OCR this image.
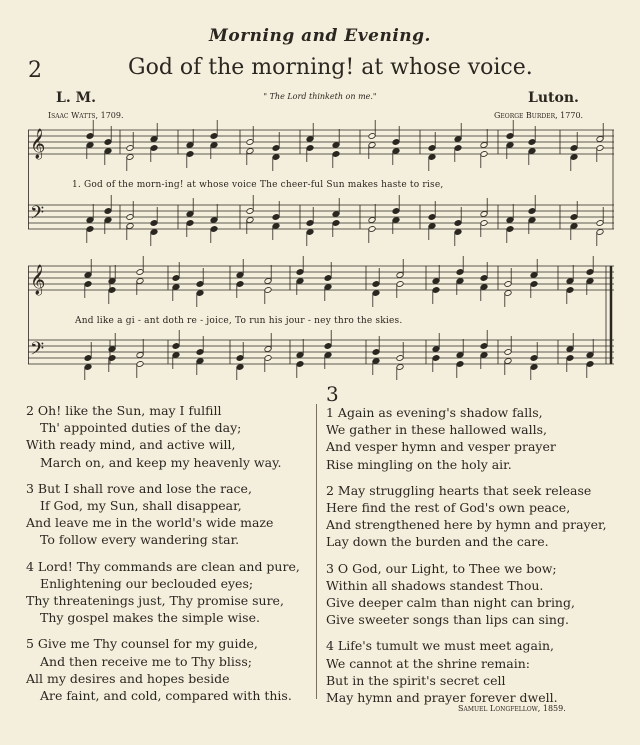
Morning and Evening.
2	God of the morning! at whose voice.
L. M.	" The Lord thinketh on me."	Luton.
Isaac Watts, 1709.	George Burder, 1770.
𝄞
𝄢
𝄞
𝄢
1. God of the morn-ing! at whose voice The cheer-ful Sun makes haste to rise,
And like a gi - ant doth re - joice, To run his jour - ney thro the skies.
2 Oh! like the Sun, may I fulfill
Th' appointed duties of the day;
With ready mind, and active will,
March on, and keep my heavenly way.
3 But I shall rove and lose the race,
If God, my Sun, shall disappear,
And leave me in the world's wide maze
To follow every wandering star.
4 Lord! Thy commands are clean and pure,
Enlightening our beclouded eyes;
Thy threatenings just, Thy promise sure,
Thy gospel makes the simple wise.
5 Give me Thy counsel for my guide,
And then receive me to Thy bliss;
All my desires and hopes beside
Are faint, and cold, compared with this.
3
1 Again as evening's shadow falls,
We gather in these hallowed walls,
And vesper hymn and vesper prayer
Rise mingling on the holy air.
2 May struggling hearts that seek release
Here find the rest of God's own peace,
And strengthened here by hymn and prayer,
Lay down the burden and the care.
3 O God, our Light, to Thee we bow;
Within all shadows standest Thou.
Give deeper calm than night can bring,
Give sweeter songs than lips can sing.
4 Life's tumult we must meet again,
We cannot at the shrine remain:
But in the spirit's secret cell
May hymn and prayer forever dwell.
Samuel Longfellow, 1859.
